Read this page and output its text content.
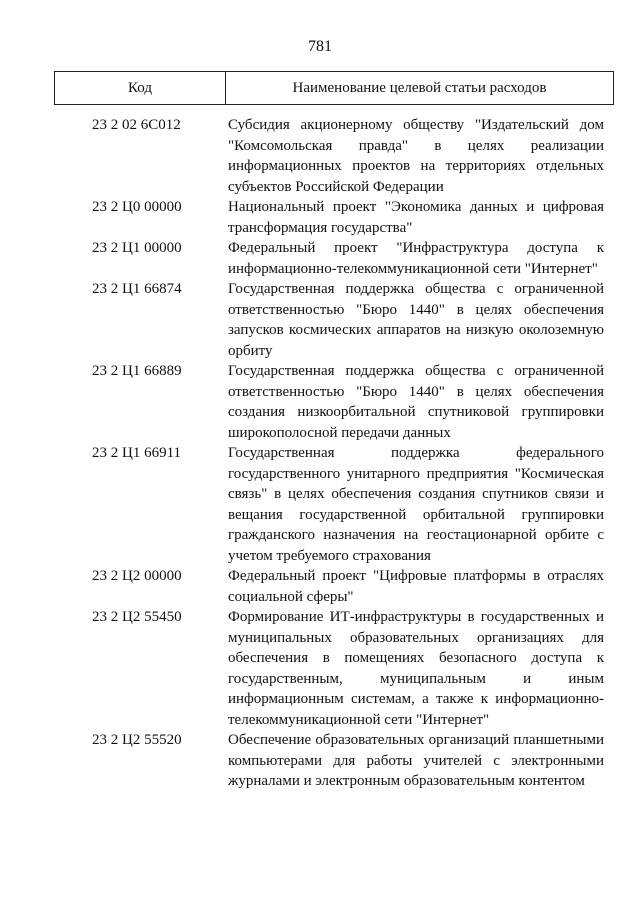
781
Код	Наименование целевой статьи расходов
23 2 02 6С012	Субсидия акционерному обществу "Издательский дом "Комсомольская правда" в целях реализации информационных проектов на территориях отдельных субъектов Российской Федерации
23 2 Ц0 00000	Национальный проект "Экономика данных и цифровая трансформация государства"
23 2 Ц1 00000	Федеральный проект "Инфраструктура доступа к информационно-телекоммуникационной сети "Интернет"
23 2 Ц1 66874	Государственная поддержка общества с ограниченной ответственностью "Бюро 1440" в целях обеспечения запусков космических аппаратов на низкую околоземную орбиту
23 2 Ц1 66889	Государственная поддержка общества с ограниченной ответственностью "Бюро 1440" в целях обеспечения создания низкоорбитальной спутниковой группировки широкополосной передачи данных
23 2 Ц1 66911	Государственная поддержка федерального государственного унитарного предприятия "Космическая связь" в целях обеспечения создания спутников связи и вещания государственной орбитальной группировки гражданского назначения на геостационарной орбите с учетом требуемого страхования
23 2 Ц2 00000	Федеральный проект "Цифровые платформы в отраслях социальной сферы"
23 2 Ц2 55450	Формирование ИТ-инфраструктуры в государственных и муниципальных образовательных организациях для обеспечения в помещениях безопасного доступа к государственным, муниципальным и иным информационным системам, а также к информационно-телекоммуникационной сети "Интернет"
23 2 Ц2 55520	Обеспечение образовательных организаций планшетными компьютерами для работы учителей с электронными журналами и электронным образовательным контентом
